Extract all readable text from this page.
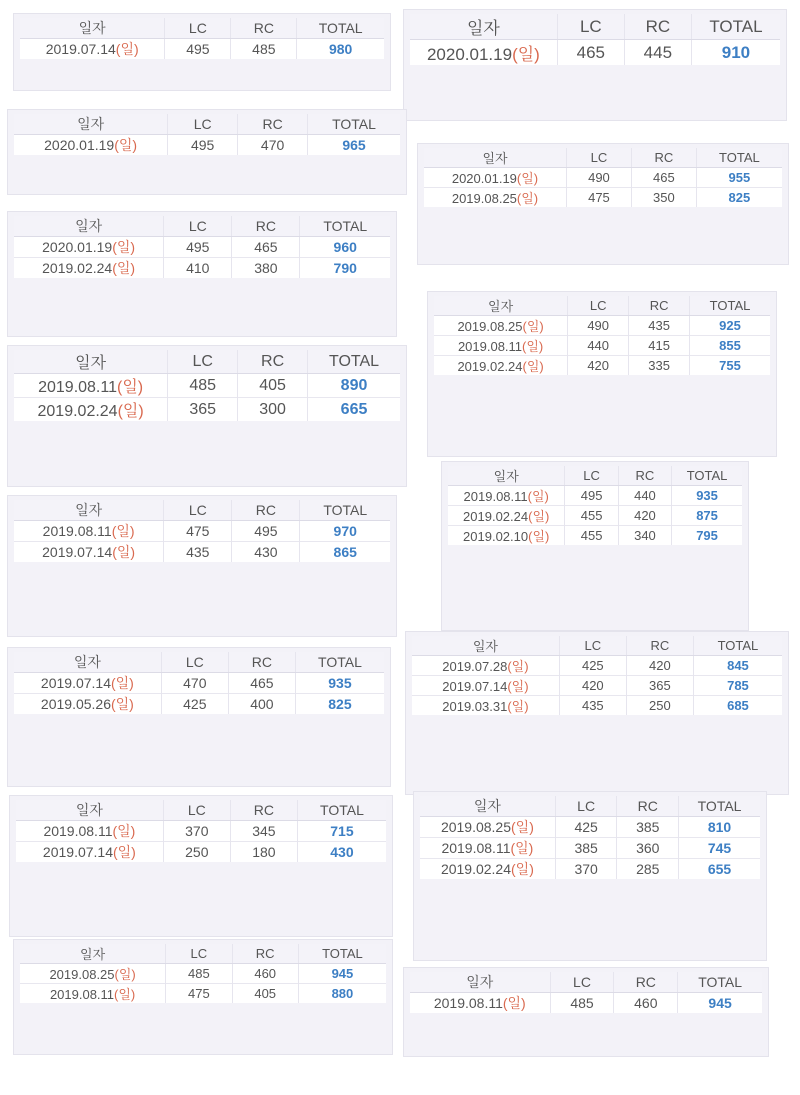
일자	LC	RC	TOTAL
2019.07.14(일)	495	485	980
일자	LC	RC	TOTAL
2020.01.19(일)	465	445	910
일자	LC	RC	TOTAL
2020.01.19(일)	495	470	965
일자	LC	RC	TOTAL
2020.01.19(일)	490	465	955
2019.08.25(일)	475	350	825
일자	LC	RC	TOTAL
2020.01.19(일)	495	465	960
2019.02.24(일)	410	380	790
일자	LC	RC	TOTAL
2019.08.25(일)	490	435	925
2019.08.11(일)	440	415	855
2019.02.24(일)	420	335	755
일자	LC	RC	TOTAL
2019.08.11(일)	485	405	890
2019.02.24(일)	365	300	665
일자	LC	RC	TOTAL
2019.08.11(일)	495	440	935
2019.02.24(일)	455	420	875
2019.02.10(일)	455	340	795
일자	LC	RC	TOTAL
2019.08.11(일)	475	495	970
2019.07.14(일)	435	430	865
일자	LC	RC	TOTAL
2019.07.28(일)	425	420	845
2019.07.14(일)	420	365	785
2019.03.31(일)	435	250	685
일자	LC	RC	TOTAL
2019.07.14(일)	470	465	935
2019.05.26(일)	425	400	825
일자	LC	RC	TOTAL
2019.08.25(일)	425	385	810
2019.08.11(일)	385	360	745
2019.02.24(일)	370	285	655
일자	LC	RC	TOTAL
2019.08.11(일)	370	345	715
2019.07.14(일)	250	180	430
일자	LC	RC	TOTAL
2019.08.25(일)	485	460	945
2019.08.11(일)	475	405	880
일자	LC	RC	TOTAL
2019.08.11(일)	485	460	945
